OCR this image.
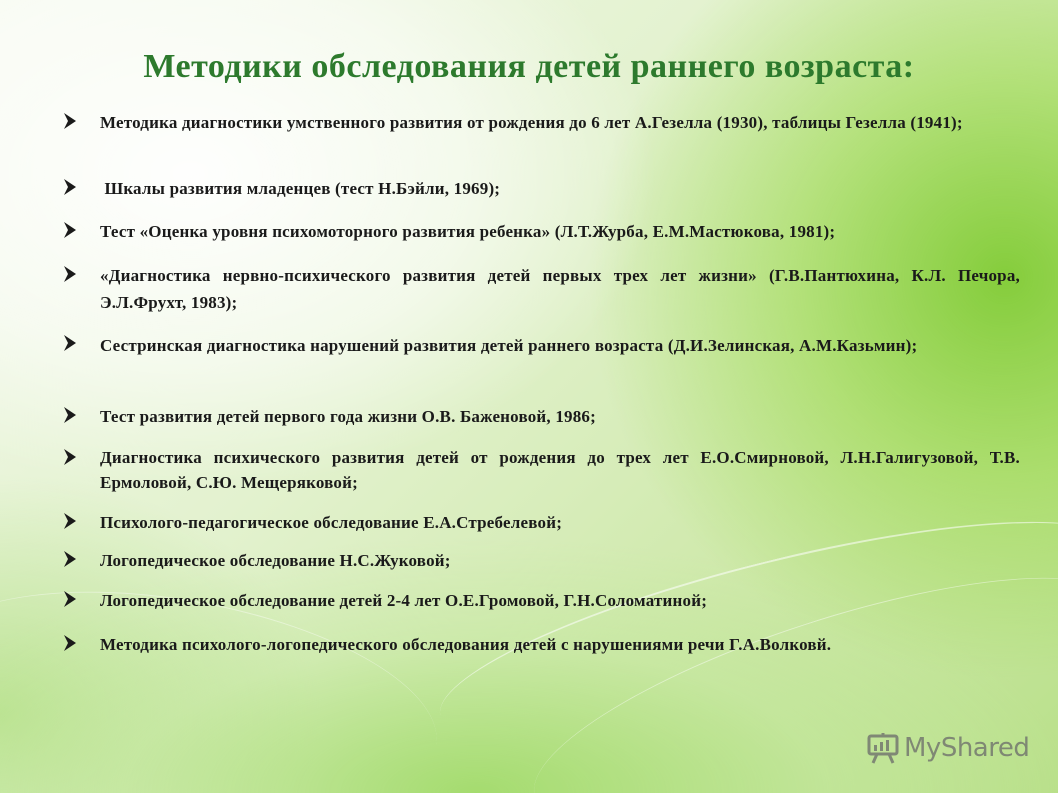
Методики обследования детей раннего возраста:
Методика диагностики умственного развития от рождения до 6 лет А.Гезелла (1930), таблицы Гезелла (1941);
Шкалы развития младенцев (тест Н.Бэйли, 1969);
Тест «Оценка уровня психомоторного развития ребенка» (Л.Т.Журба, Е.М.Мастюкова, 1981);
«Диагностика нервно-психического развития детей первых трех лет жизни» (Г.В.Пантюхина, К.Л. Печора, Э.Л.Фрухт, 1983);
Сестринская диагностика нарушений развития детей раннего возраста (Д.И.Зелинская, А.М.Казьмин);
Тест развития детей первого года жизни О.В. Баженовой, 1986;
Диагностика психического развития детей от рождения до трех лет Е.О.Смирновой, Л.Н.Галигузовой, Т.В. Ермоловой, С.Ю. Мещеряковой;
Психолого-педагогическое обследование Е.А.Стребелевой;
Логопедическое обследование Н.С.Жуковой;
Логопедическое обследование детей 2-4 лет О.Е.Громовой, Г.Н.Соломатиной;
Методика психолого-логопедического обследования детей с нарушениями речи Г.А.Волковй.
MyShared
